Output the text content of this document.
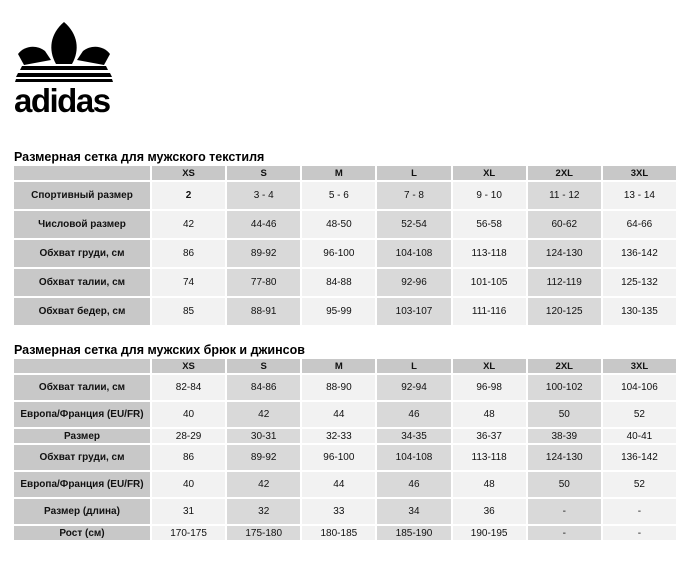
adidas
Размерная сетка для мужского текстиля
	XS	S	M	L	XL	2XL	3XL
Спортивный размер	2	3 - 4	5 - 6	7 - 8	9 - 10	11 - 12	13 - 14
Числовой размер	42	44-46	48-50	52-54	56-58	60-62	64-66
Обхват груди, см	86	89-92	96-100	104-108	113-118	124-130	136-142
Обхват талии, см	74	77-80	84-88	92-96	101-105	112-119	125-132
Обхват бедер, см	85	88-91	95-99	103-107	111-116	120-125	130-135
Размерная сетка для мужских брюк и джинсов
	XS	S	M	L	XL	2XL	3XL
Обхват талии, см	82-84	84-86	88-90	92-94	96-98	100-102	104-106
Европа/Франция (EU/FR)	40	42	44	46	48	50	52
Размер	28-29	30-31	32-33	34-35	36-37	38-39	40-41
Обхват груди, см	86	89-92	96-100	104-108	113-118	124-130	136-142
Европа/Франция (EU/FR)	40	42	44	46	48	50	52
Размер (длина)	31	32	33	34	36	-	-
Рост (см)	170-175	175-180	180-185	185-190	190-195	-	-
